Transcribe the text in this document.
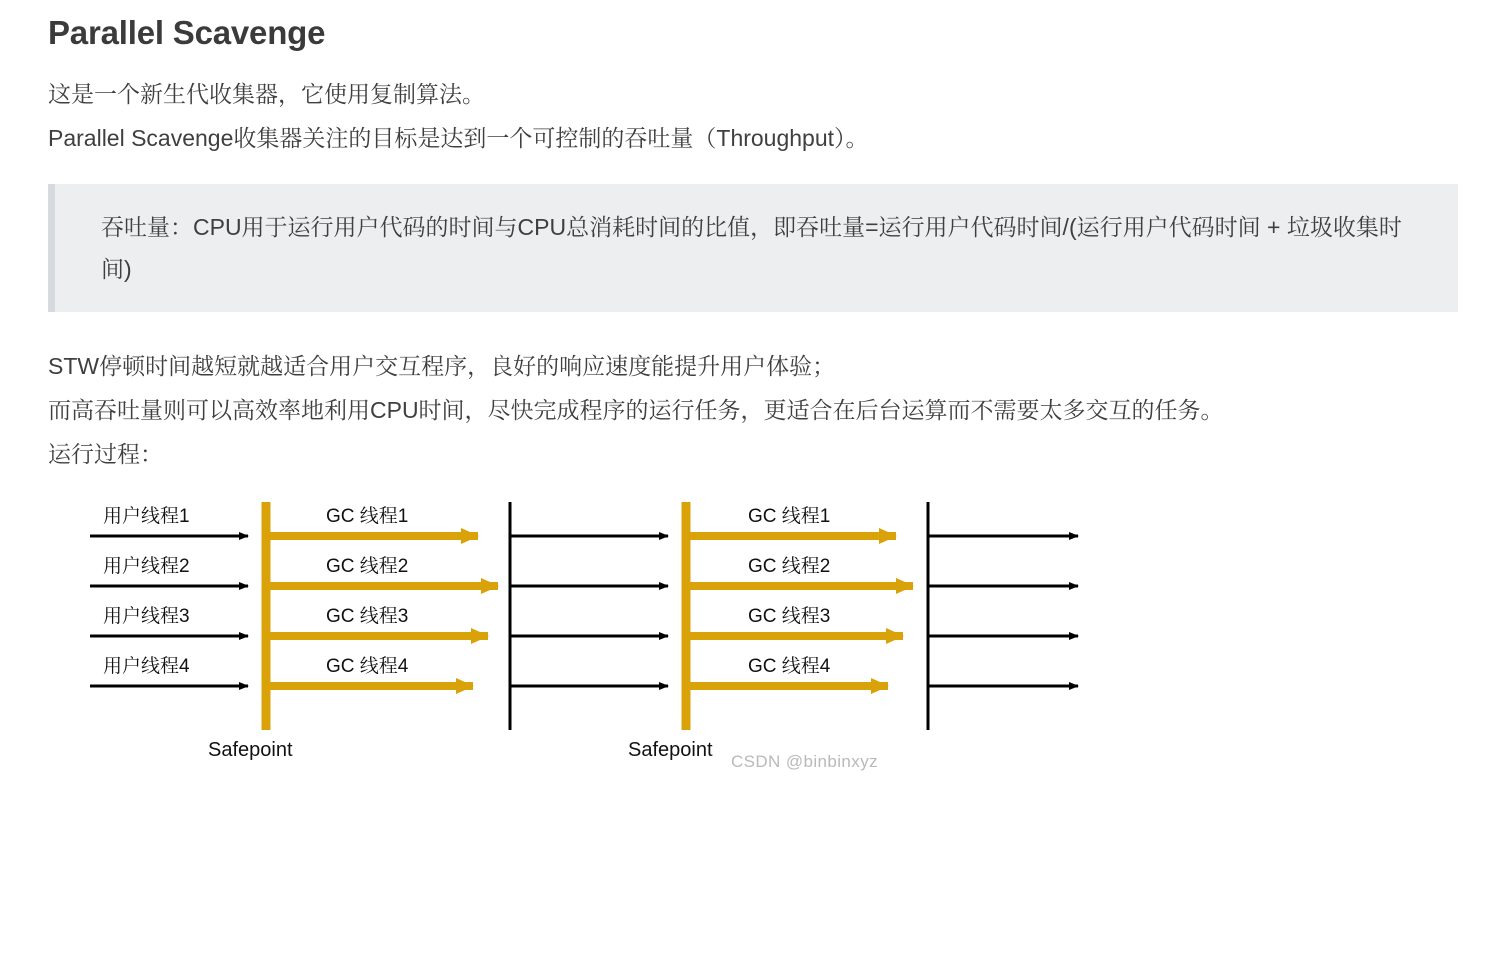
Parallel Scavenge

这是一个新生代收集器，它使用复制算法。

Parallel Scavenge收集器关注的目标是达到一个可控制的吞吐量（Throughput）。

吞吐量：CPU用于运行用户代码的时间与CPU总消耗时间的比值，即吞吐量=运行用户代码时间/(运行用户代码时间 + 垃圾收集时间)

STW停顿时间越短就越适合用户交互程序，良好的响应速度能提升用户体验；

而高吞吐量则可以高效率地利用CPU时间，尽快完成程序的运行任务，更适合在后台运算而不需要太多交互的任务。

运行过程：

用户线程1
用户线程2
用户线程3
用户线程4
GC 线程1
GC 线程2
GC 线程3
GC 线程4
GC 线程1
GC 线程2
GC 线程3
GC 线程4
Safepoint	Safepoint
CSDN @binbinxyz
